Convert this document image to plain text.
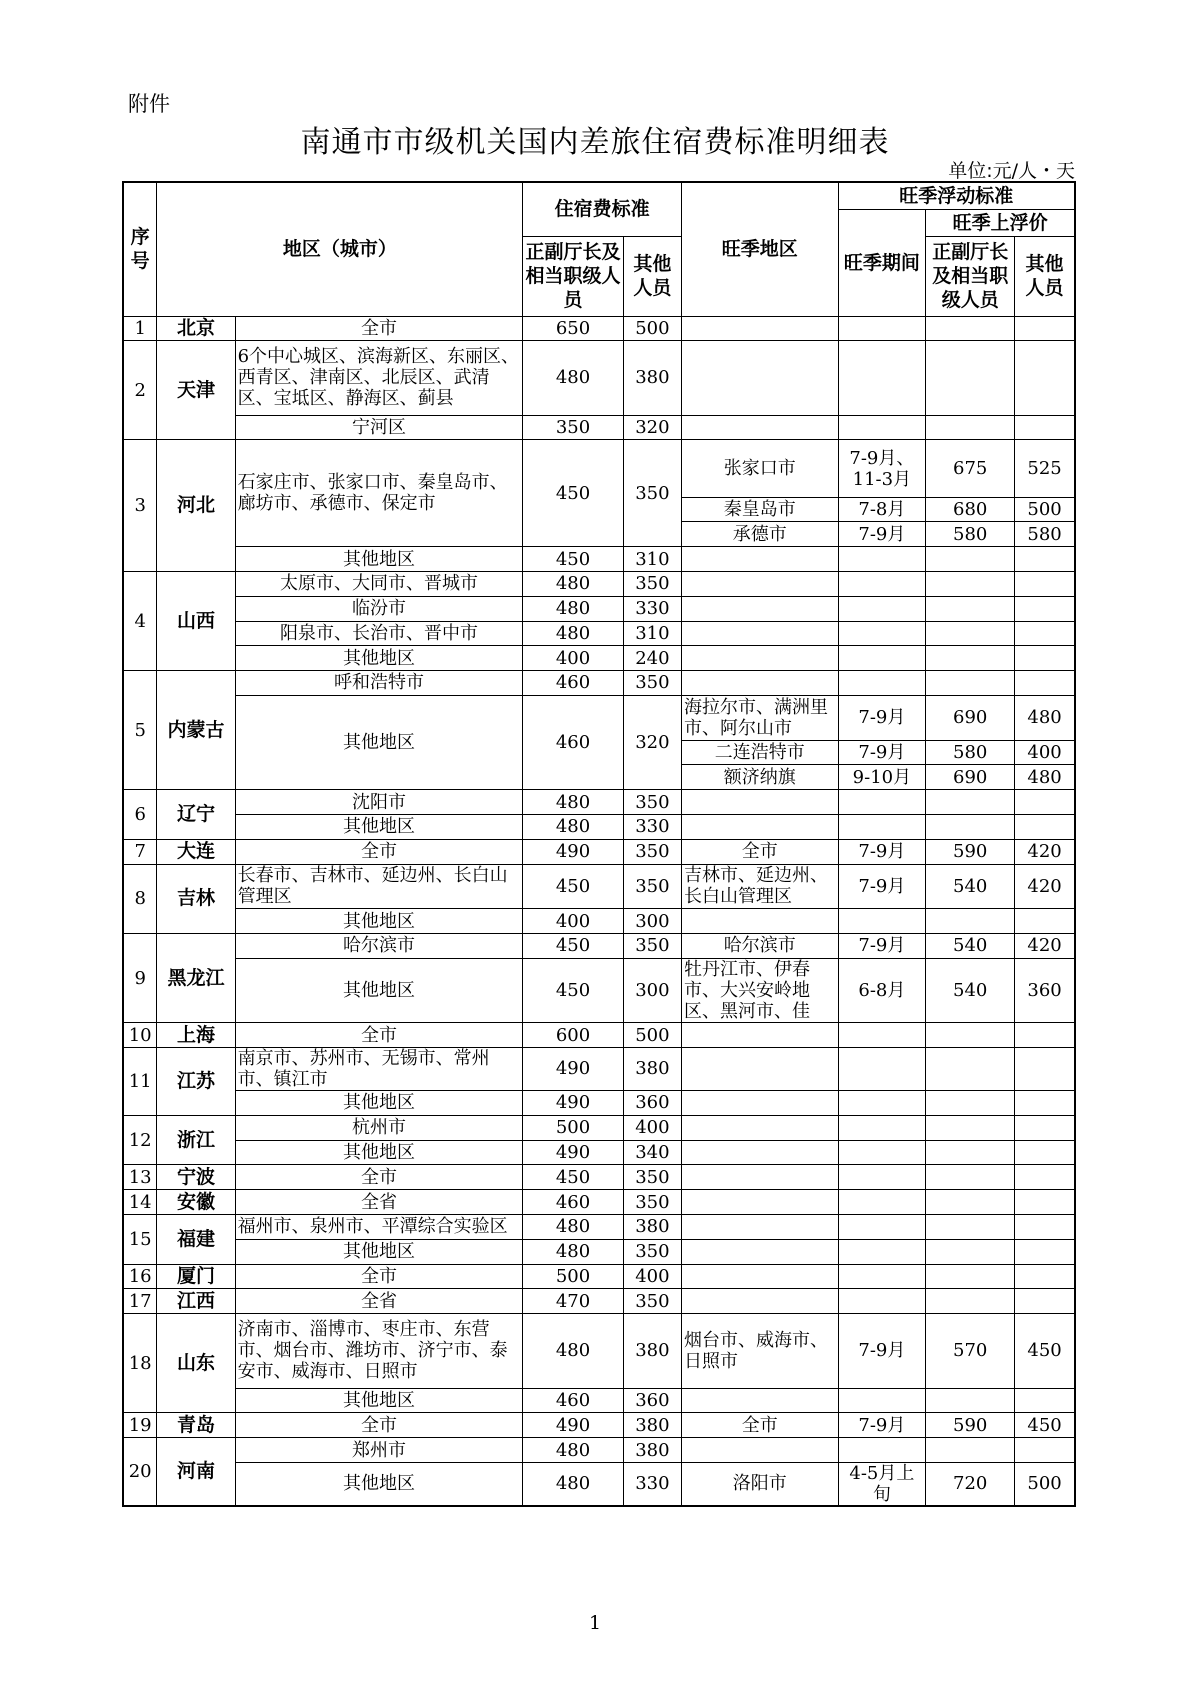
附件
南通市市级机关国内差旅住宿费标准明细表
单位:元/人・天
序号	地区（城市）		住宿费标准		旺季地区	旺季浮动标准		
						旺季期间	旺季上浮价	
			正副厅长及相当职级人员	其他人员			正副厅长及相当职级人员	其他人员
1	北京	全市	650	500				
2	天津	6个中心城区、滨海新区、东丽区、西青区、津南区、北辰区、武清区、宝坻区、静海区、蓟县	480	380				
		宁河区	350	320				
3	河北	石家庄市、张家口市、秦皇岛市、廊坊市、承德市、保定市	450	350	张家口市	7-9月、11-3月	675	525
					秦皇岛市	7-8月	680	500
					承德市	7-9月	580	580
		其他地区	450	310				
4	山西	太原市、大同市、晋城市	480	350				
		临汾市	480	330				
		阳泉市、长治市、晋中市	480	310				
		其他地区	400	240				
5	内蒙古	呼和浩特市	460	350				
		其他地区	460	320	海拉尔市、满洲里市、阿尔山市	7-9月	690	480
					二连浩特市	7-9月	580	400
					额济纳旗	9-10月	690	480
6	辽宁	沈阳市	480	350				
		其他地区	480	330				
7	大连	全市	490	350	全市	7-9月	590	420
8	吉林	长春市、吉林市、延边州、长白山管理区	450	350	吉林市、延边州、长白山管理区	7-9月	540	420
		其他地区	400	300				
9	黑龙江	哈尔滨市	450	350	哈尔滨市	7-9月	540	420
		其他地区	450	300	牡丹江市、伊春市、大兴安岭地区、黑河市、佳	6-8月	540	360
10	上海	全市	600	500				
11	江苏	南京市、苏州市、无锡市、常州市、镇江市	490	380				
		其他地区	490	360				
12	浙江	杭州市	500	400				
		其他地区	490	340				
13	宁波	全市	450	350				
14	安徽	全省	460	350				
15	福建	福州市、泉州市、平潭综合实验区	480	380				
		其他地区	480	350				
16	厦门	全市	500	400				
17	江西	全省	470	350				
18	山东	济南市、淄博市、枣庄市、东营市、烟台市、潍坊市、济宁市、泰安市、威海市、日照市	480	380	烟台市、威海市、日照市	7-9月	570	450
		其他地区	460	360				
19	青岛	全市	490	380	全市	7-9月	590	450
20	河南	郑州市	480	380				
		其他地区	480	330	洛阳市	4-5月上旬	720	500
1
